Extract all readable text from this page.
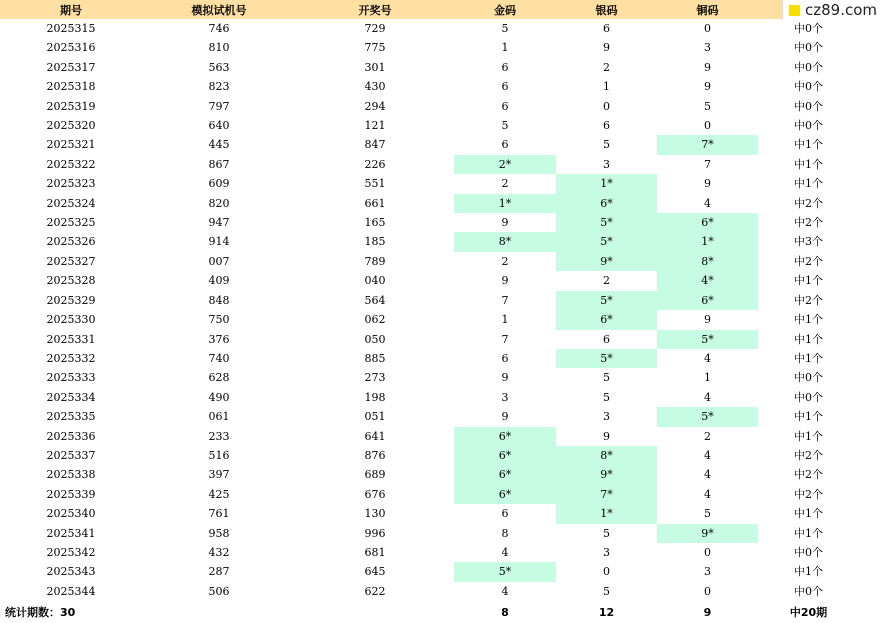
期号	模拟试机号	开奖号	金码	银码	铜码	
2025315	746	729	5	6	0	中0个
2025316	810	775	1	9	3	中0个
2025317	563	301	6	2	9	中0个
2025318	823	430	6	1	9	中0个
2025319	797	294	6	0	5	中0个
2025320	640	121	5	6	0	中0个
2025321	445	847	6	5	7*	中1个
2025322	867	226	2*	3	7	中1个
2025323	609	551	2	1*	9	中1个
2025324	820	661	1*	6*	4	中2个
2025325	947	165	9	5*	6*	中2个
2025326	914	185	8*	5*	1*	中3个
2025327	007	789	2	9*	8*	中2个
2025328	409	040	9	2	4*	中1个
2025329	848	564	7	5*	6*	中2个
2025330	750	062	1	6*	9	中1个
2025331	376	050	7	6	5*	中1个
2025332	740	885	6	5*	4	中1个
2025333	628	273	9	5	1	中0个
2025334	490	198	3	5	4	中0个
2025335	061	051	9	3	5*	中1个
2025336	233	641	6*	9	2	中1个
2025337	516	876	6*	8*	4	中2个
2025338	397	689	6*	9*	4	中2个
2025339	425	676	6*	7*	4	中2个
2025340	761	130	6	1*	5	中1个
2025341	958	996	8	5	9*	中1个
2025342	432	681	4	3	0	中0个
2025343	287	645	5*	0	3	中1个
2025344	506	622	4	5	0	中0个
统计期数：30			8	12	9	中20期
cz89.com
